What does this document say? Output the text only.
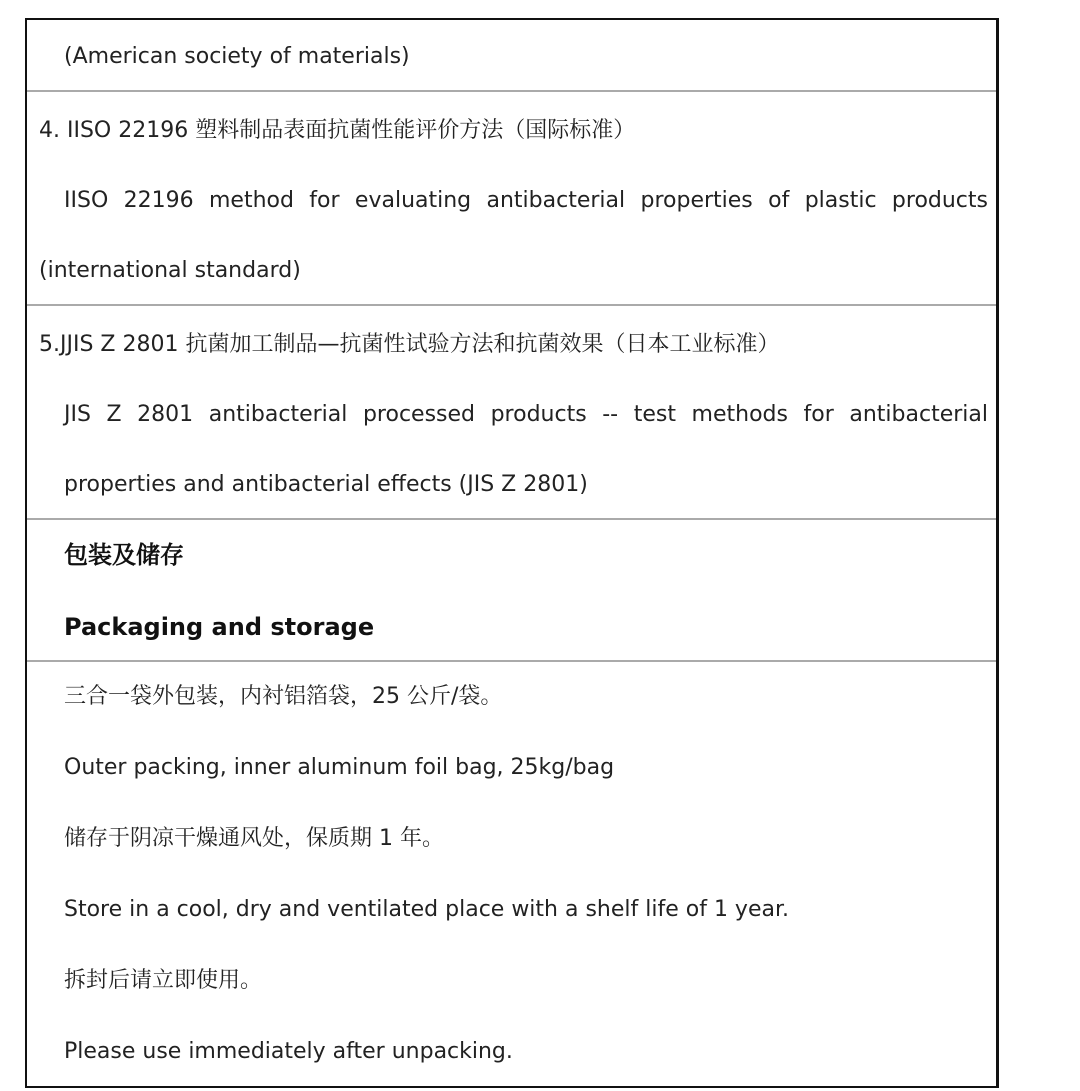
(American society of materials)
4. IISO 22196 塑料制品表面抗菌性能评价方法（国际标准）
IISO 22196 method for evaluating antibacterial properties of plastic products
(international standard)
5.JJIS Z 2801 抗菌加工制品—抗菌性试验方法和抗菌效果（日本工业标准）
JIS Z 2801 antibacterial processed products -- test methods for antibacterial
properties and antibacterial effects (JIS Z 2801)
包装及储存
Packaging and storage
三合一袋外包装，内衬铝箔袋，25 公斤/袋。
Outer packing, inner aluminum foil bag, 25kg/bag
储存于阴凉干燥通风处，保质期 1 年。
Store in a cool, dry and ventilated place with a shelf life of 1 year.
拆封后请立即使用。
Please use immediately after unpacking.
